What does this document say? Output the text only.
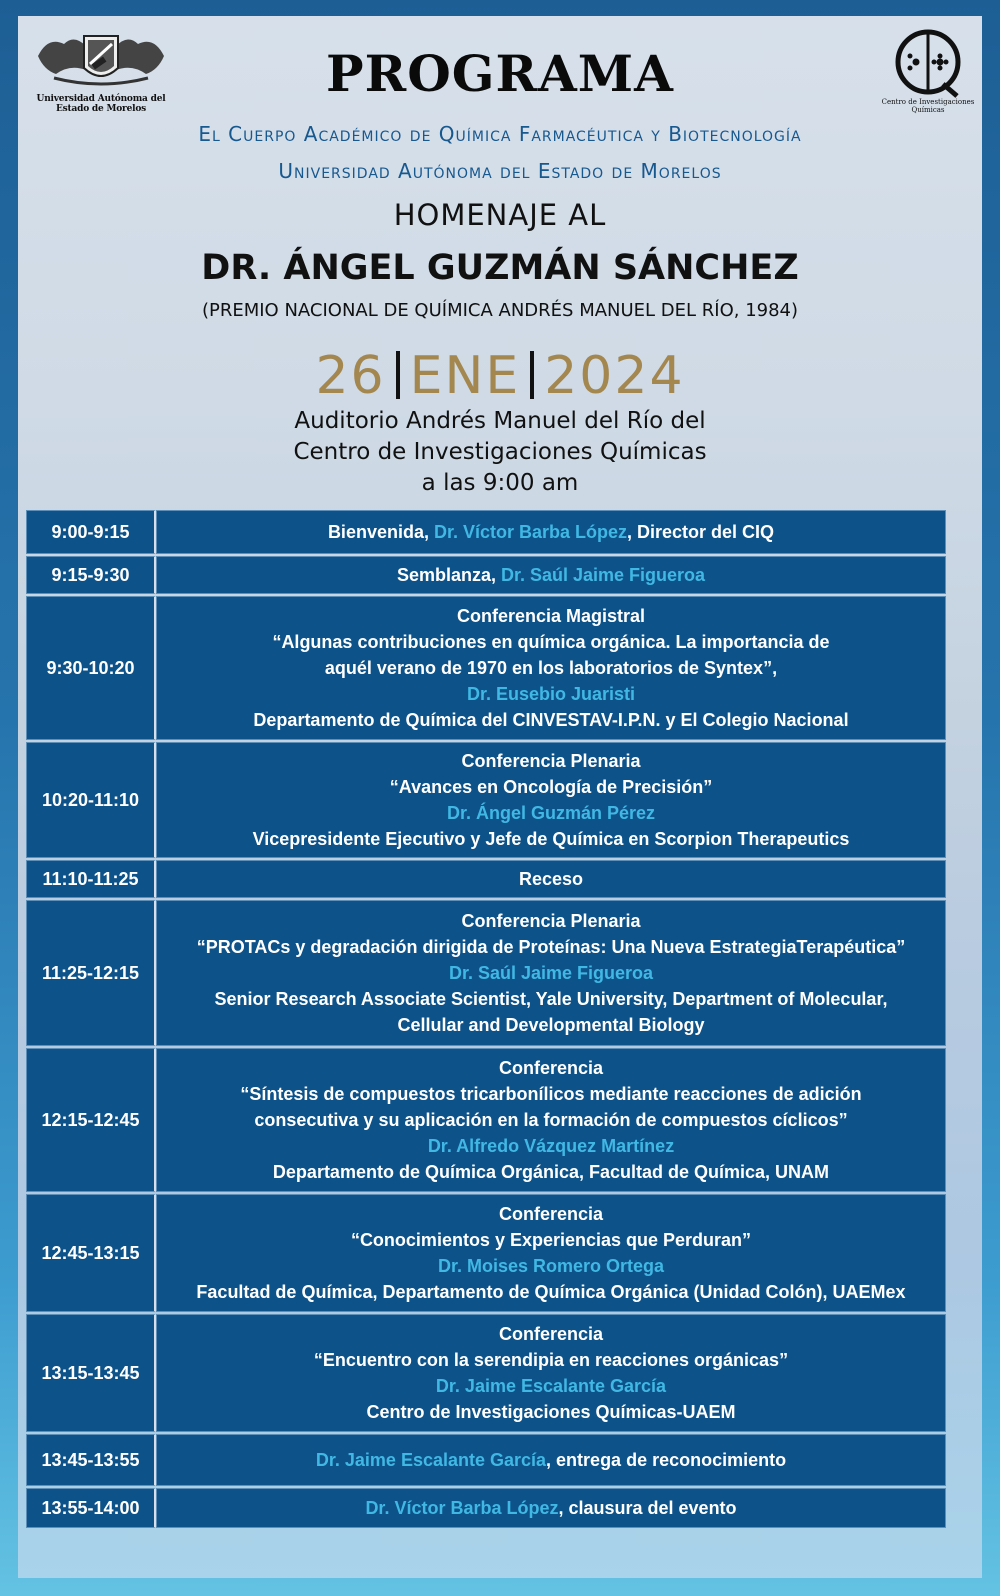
Universidad Autónoma del Estado de Morelos
Centro de Investigaciones Químicas
PROGRAMA
El Cuerpo Académico de Química Farmacéutica y Biotecnología
Universidad Autónoma del Estado de Morelos
HOMENAJE AL
DR. ÁNGEL GUZMÁN SÁNCHEZ
(PREMIO NACIONAL DE QUÍMICA ANDRÉS MANUEL DEL RÍO, 1984)
26 ENE 2024
Auditorio Andrés Manuel del Río del
Centro de Investigaciones Químicas
a las 9:00 am
9:00-9:15	Bienvenida, Dr. Víctor Barba López, Director del CIQ
9:15-9:30	Semblanza, Dr. Saúl Jaime Figueroa
9:30-10:20	Conferencia Magistral
“Algunas contribuciones en química orgánica. La importancia de
aquél verano de 1970 en los laboratorios de Syntex”,
Dr. Eusebio Juaristi
Departamento de Química del CINVESTAV-I.P.N. y El Colegio Nacional

10:20-11:10	Conferencia Plenaria
“Avances en Oncología de Precisión”
Dr. Ángel Guzmán Pérez
Vicepresidente Ejecutivo y Jefe de Química en Scorpion Therapeutics

11:10-11:25	Receso
11:25-12:15	Conferencia Plenaria
“PROTACs y degradación dirigida de Proteínas: Una Nueva EstrategiaTerapéutica”
Dr. Saúl Jaime Figueroa
Senior Research Associate Scientist, Yale University, Department of Molecular,
Cellular and Developmental Biology

12:15-12:45	Conferencia
“Síntesis de compuestos tricarbonílicos mediante reacciones de adición
consecutiva y su aplicación en la formación de compuestos cíclicos”
Dr. Alfredo Vázquez Martínez
Departamento de Química Orgánica, Facultad de Química, UNAM

12:45-13:15	Conferencia
“Conocimientos y Experiencias que Perduran”
Dr. Moises Romero Ortega
Facultad de Química, Departamento de Química Orgánica (Unidad Colón), UAEMex

13:15-13:45	Conferencia
“Encuentro con la serendipia en reacciones orgánicas”
Dr. Jaime Escalante García
Centro de Investigaciones Químicas-UAEM

13:45-13:55	Dr. Jaime Escalante García, entrega de reconocimiento
13:55-14:00	Dr. Víctor Barba López, clausura del evento
